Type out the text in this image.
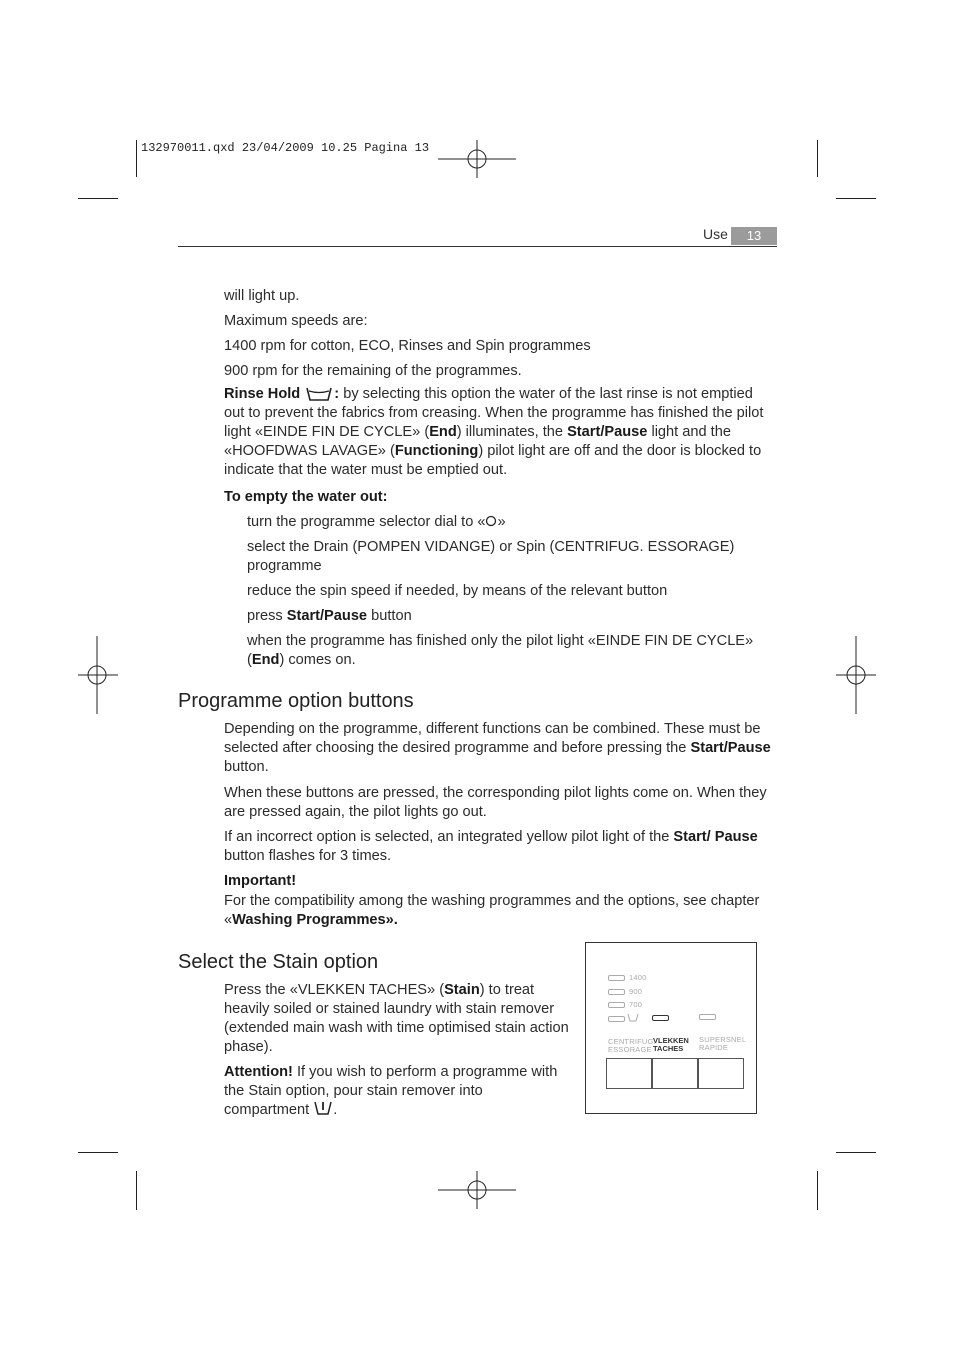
132970011.qxd 23/04/2009 10.25 Pagina 13
Use	13
will light up.
Maximum speeds are:
1400 rpm for cotton, ECO, Rinses and Spin programmes
900 rpm for the remaining of the programmes.
Rinse Hold : by selecting this option the water of the last rinse is not emptied out to prevent the fabrics from creasing. When the programme has finished the pilot light «EINDE FIN DE CYCLE» (End) illuminates, the Start/Pause light and the «HOOFDWAS LAVAGE» (Functioning) pilot light are off and the door is blocked to indicate that the water must be emptied out.
To empty the water out:
turn the programme selector dial to « »
select the Drain (POMPEN VIDANGE) or Spin (CENTRIFUG. ESSORAGE) programme
reduce the spin speed if needed, by means of the relevant button
press Start/Pause button
when the programme has finished only the pilot light «EINDE FIN DE CYCLE» (End) comes on.
Programme option buttons
Depending on the programme, different functions can be combined. These must be selected after choosing the desired programme and before pressing the Start/Pause button.
When these buttons are pressed, the corresponding pilot lights come on. When they are pressed again, the pilot lights go out.
If an incorrect option is selected, an integrated yellow pilot light of the Start/ Pause button flashes for 3 times.
Important!
For the compatibility among the washing programmes and the options, see chapter «Washing Programmes».
Select the Stain option
Press the «VLEKKEN TACHES» (Stain) to treat heavily soiled or stained laundry with stain remover (extended main wash with time optimised stain action phase).
Attention! If you wish to perform a programme with the Stain option, pour stain remover into compartment .
1400
900
700
CENTRIFUG.
ESSORAGE
VLEKKEN
TACHES
SUPERSNEL
RAPIDE
